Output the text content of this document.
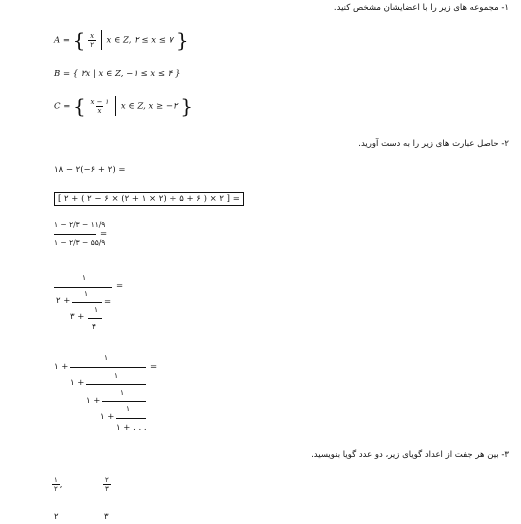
۱- مجموعه های زیر را با اعضایشان مشخص کنید.
A = { $\frac{x}{۲}$ x ∈ Z, ۲ ≤ x ≤ ۷ }
B = { ۲x | x ∈ Z, −۱ ≤ x ≤ ۴ }
C = { $\frac{x - ۱}{x}$ x ∈ Z, x ≥ −۲ }
۲- حاصل عبارت های زیر را به دست آورید.
۱۸ − ۲(−۶ + ۲) =
[ ۲ + ( ۲ − ۶ × (۲ + ۱ × ۲) ÷ ۵ + ۶ ) × ۲ ] =
۱ − ۲/۳ − ۱۱/۹
۱ − ۲/۳ − ۵۵/۹
=
۱
=
۱
۲ +	=
۱
۳ +
۴
۱
۱ +	=
۱
۱ +
۱
۱ +
۱
۱ +
۱ + . . .
۳- بین هر جفت از اعداد گویای زیر، دو عدد گویا بنویسید.
$\frac{۱}{۲}$ ,	$\frac{۲}{۳}$
۲	۳
